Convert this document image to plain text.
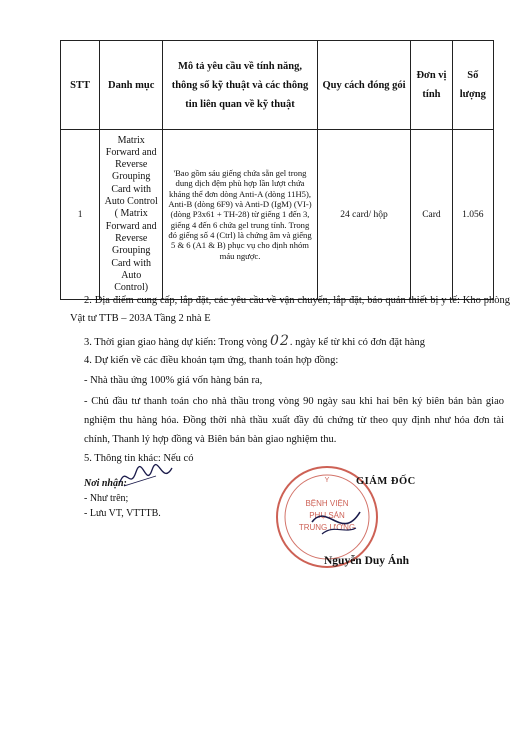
STT	Danh mục	Mô tả yêu cầu về tính năng, thông số kỹ thuật và các thông tin liên quan về kỹ thuật	Quy cách đóng gói	Đơn vị tính	Số lượng
1	Matrix Forward and Reverse Grouping Card with Auto Control ( Matrix Forward and Reverse Grouping Card with Auto Control)	'Bao gồm sáu giếng chứa sẵn gel trong dung dịch đệm phù hợp lần lượt chứa kháng thể đơn dòng Anti-A (dòng 11H5), Anti-B (dòng 6F9) và Anti-D (IgM) (VI-) (dòng P3x61 + TH-28) từ giếng 1 đến 3, giếng 4 đến 6 chứa gel trung tính. Trong đó giếng số 4 (Ctrl) là chứng âm và giếng 5 & 6 (A1 & B) phục vụ cho định nhóm máu ngược.	24 card/ hộp	Card	1.056

2. Địa điểm cung cấp, lắp đặt, các yêu cầu về vận chuyển, lắp đặt, bảo quản thiết bị y tế: Kho phòng Vật tư TTB – 203A Tầng 2 nhà E

3. Thời gian giao hàng dự kiến: Trong vòng 02. ngày kể từ khi có đơn đặt hàng

4. Dự kiến về các điều khoản tạm ứng, thanh toán hợp đồng:

- Nhà thầu ứng 100% giá vốn hàng bán ra,

- Chủ đầu tư thanh toán cho nhà thầu trong vòng 90 ngày sau khi hai bên ký biên bản bàn giao nghiệm thu hàng hóa. Đồng thời nhà thầu xuất đầy đủ chứng từ theo quy định như hóa đơn tài chính, Thanh lý hợp đồng và Biên bản bàn giao nghiệm thu.

5. Thông tin khác: Nếu có

Nơi nhận:
- Như trên;
- Lưu VT, VTTTB.
Y
BỆNH VIỆN
PHỤ SẢN
TRUNG ƯƠNG
GIÁM ĐỐC
Nguyễn Duy Ánh
